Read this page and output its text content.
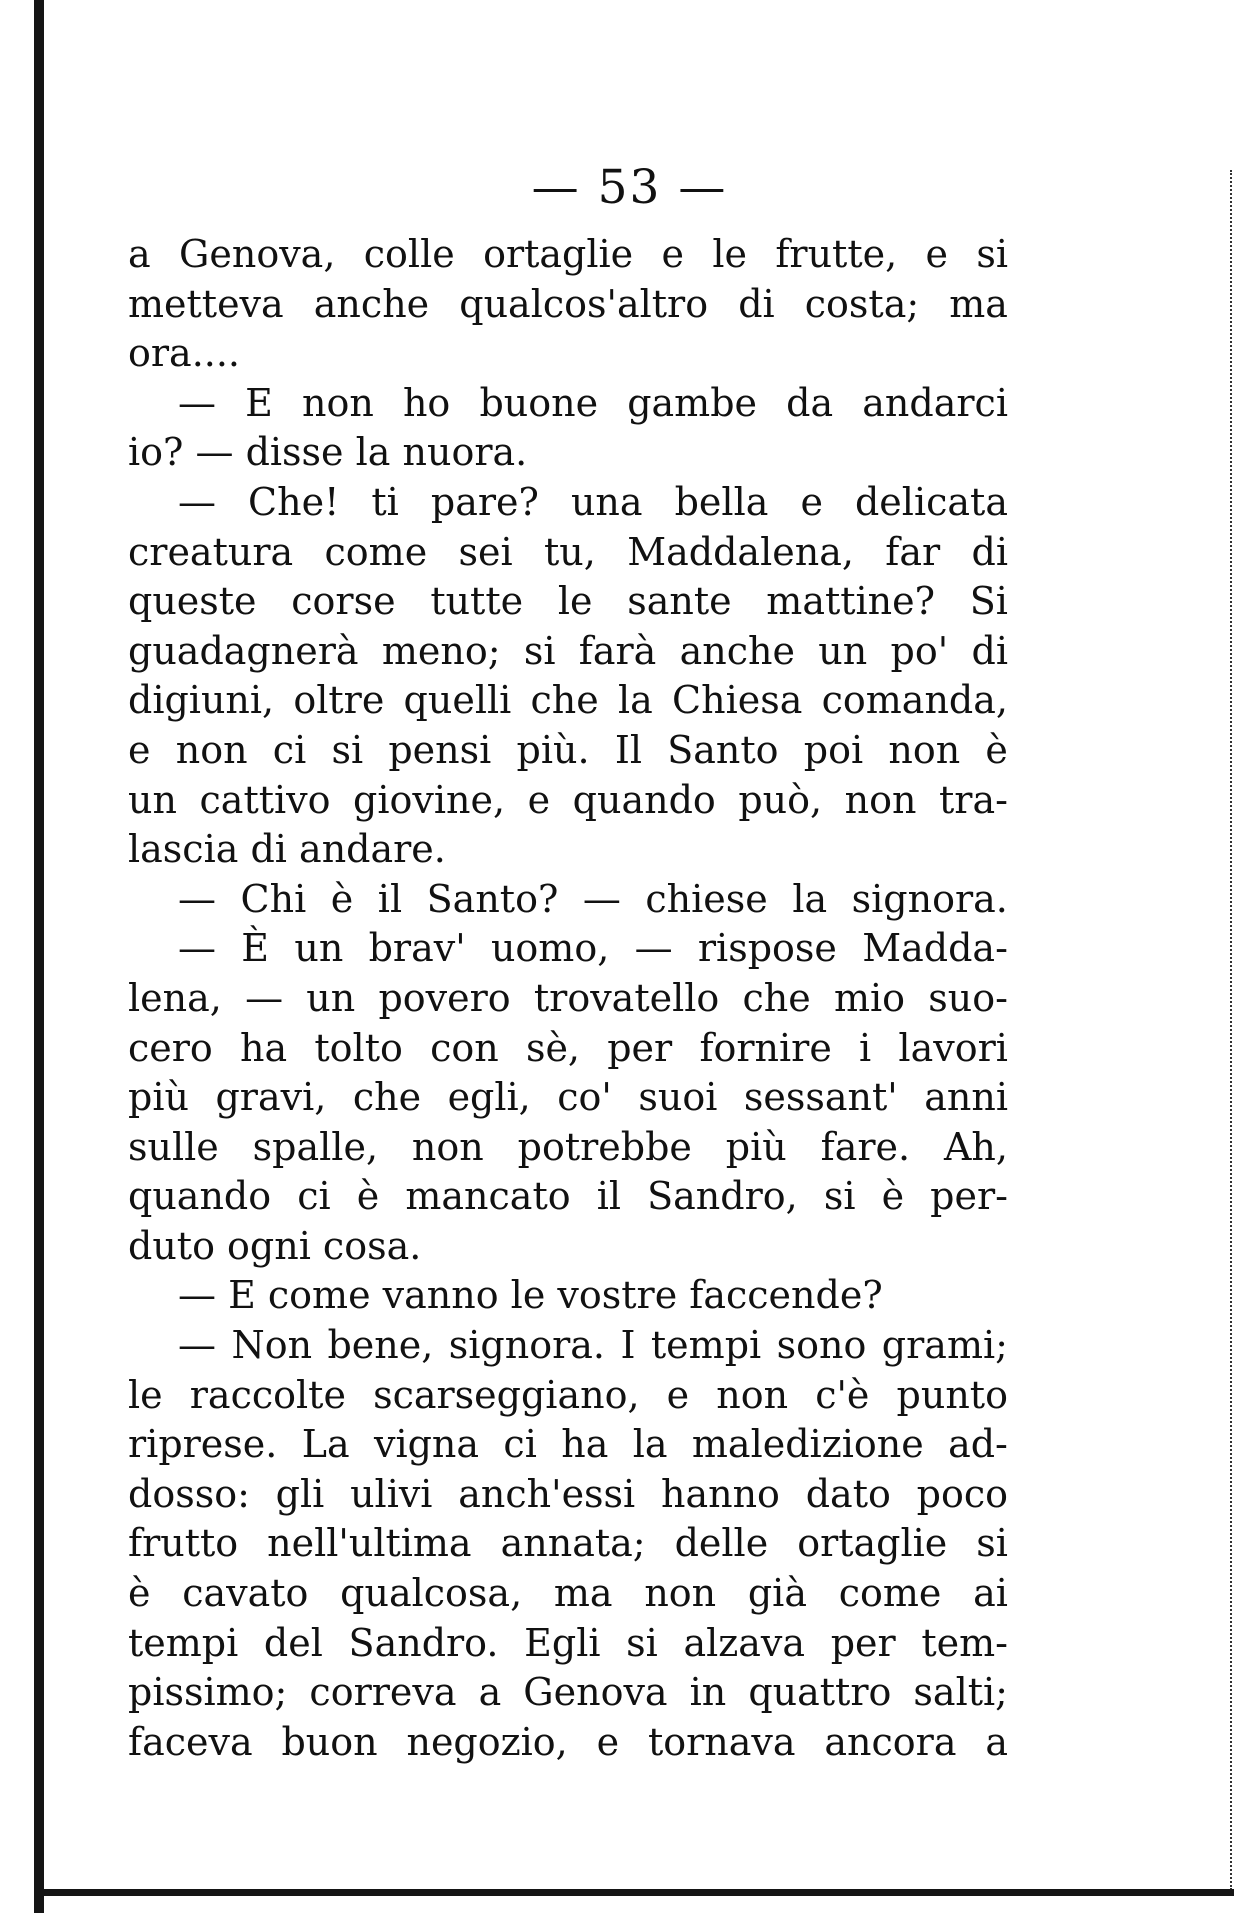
— 53 —
a Genova, colle ortaglie e le frutte, e si
metteva anche qualcos'altro di costa; ma
ora....
— E non ho buone gambe da andarci
io? — disse la nuora.
— Che! ti pare? una bella e delicata
creatura come sei tu, Maddalena, far di
queste corse tutte le sante mattine? Si
guadagnerà meno; si farà anche un po' di
digiuni, oltre quelli che la Chiesa comanda,
e non ci si pensi più. Il Santo poi non è
un cattivo giovine, e quando può, non tra-
lascia di andare.
— Chi è il Santo? — chiese la signora.
— È un brav' uomo, — rispose Madda-
lena, — un povero trovatello che mio suo-
cero ha tolto con sè, per fornire i lavori
più gravi, che egli, co' suoi sessant' anni
sulle spalle, non potrebbe più fare. Ah,
quando ci è mancato il Sandro, si è per-
duto ogni cosa.
— E come vanno le vostre faccende?
— Non bene, signora. I tempi sono grami;
le raccolte scarseggiano, e non c'è punto
riprese. La vigna ci ha la maledizione ad-
dosso: gli ulivi anch'essi hanno dato poco
frutto nell'ultima annata; delle ortaglie si
è cavato qualcosa, ma non già come ai
tempi del Sandro. Egli si alzava per tem-
pissimo; correva a Genova in quattro salti;
faceva buon negozio, e tornava ancora a
